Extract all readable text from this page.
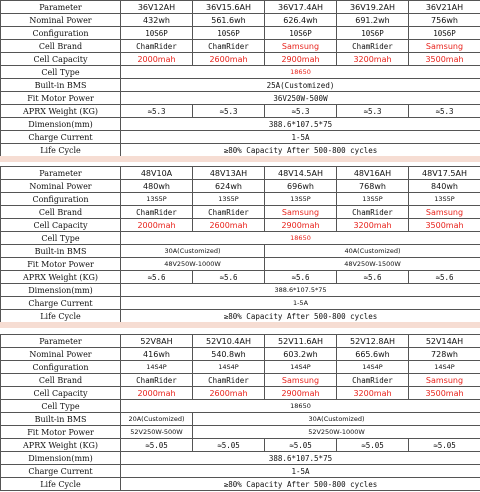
Parameter	36V12AH	36V15.6AH	36V17.4AH	36V19.2AH	36V21AH
Nominal Power	432wh	561.6wh	626.4wh	691.2wh	756wh
Configuration	10S6P	10S6P	10S6P	10S6P	10S6P
Cell Brand	ChamRider	ChamRider	Samsung	ChamRider	Samsung
Cell Capacity	2000mah	2600mah	2900mah	3200mah	3500mah
Cell Type	18650				
Built-in BMS	25A(Customized)				
Fit Motor Power	36V250W-500W				
APRX Weight (KG)	≈5.3	≈5.3	≈5.3	≈5.3	≈5.3
Dimension(mm)	388.6*107.5*75				
Charge Current	1-5A				
Life Cycle	≥80% Capacity After 500-800 cycles				
Parameter	48V10A	48V13AH	48V14.5AH	48V16AH	48V17.5AH
Nominal Power	480wh	624wh	696wh	768wh	840wh
Configuration	13S5P	13S5P	13S5P	13S5P	13S5P
Cell Brand	ChamRider	ChamRider	Samsung	ChamRider	Samsung
Cell Capacity	2000mah	2600mah	2900mah	3200mah	3500mah
Cell Type	18650				
Built-in BMS	30A(Customized)		40A(Customized)		
Fit Motor Power	48V250W-1000W		48V250W-1500W		
APRX Weight (KG)	≈5.6	≈5.6	≈5.6	≈5.6	≈5.6
Dimension(mm)	388.6*107.5*75				
Charge Current	1-5A				
Life Cycle	≥80% Capacity After 500-800 cycles				
Parameter	52V8AH	52V10.4AH	52V11.6AH	52V12.8AH	52V14AH
Nominal Power	416wh	540.8wh	603.2wh	665.6wh	728wh
Configuration	14S4P	14S4P	14S4P	14S4P	14S4P
Cell Brand	ChamRider	ChamRider	Samsung	ChamRider	Samsung
Cell Capacity	2000mah	2600mah	2900mah	3200mah	3500mah
Cell Type	18650				
Built-in BMS	20A(Customized)	30A(Customized)			
Fit Motor Power	52V250W-500W	52V250W-1000W			
APRX Weight (KG)	≈5.05	≈5.05	≈5.05	≈5.05	≈5.05
Dimension(mm)	388.6*107.5*75				
Charge Current	1-5A				
Life Cycle	≥80% Capacity After 500-800 cycles				
